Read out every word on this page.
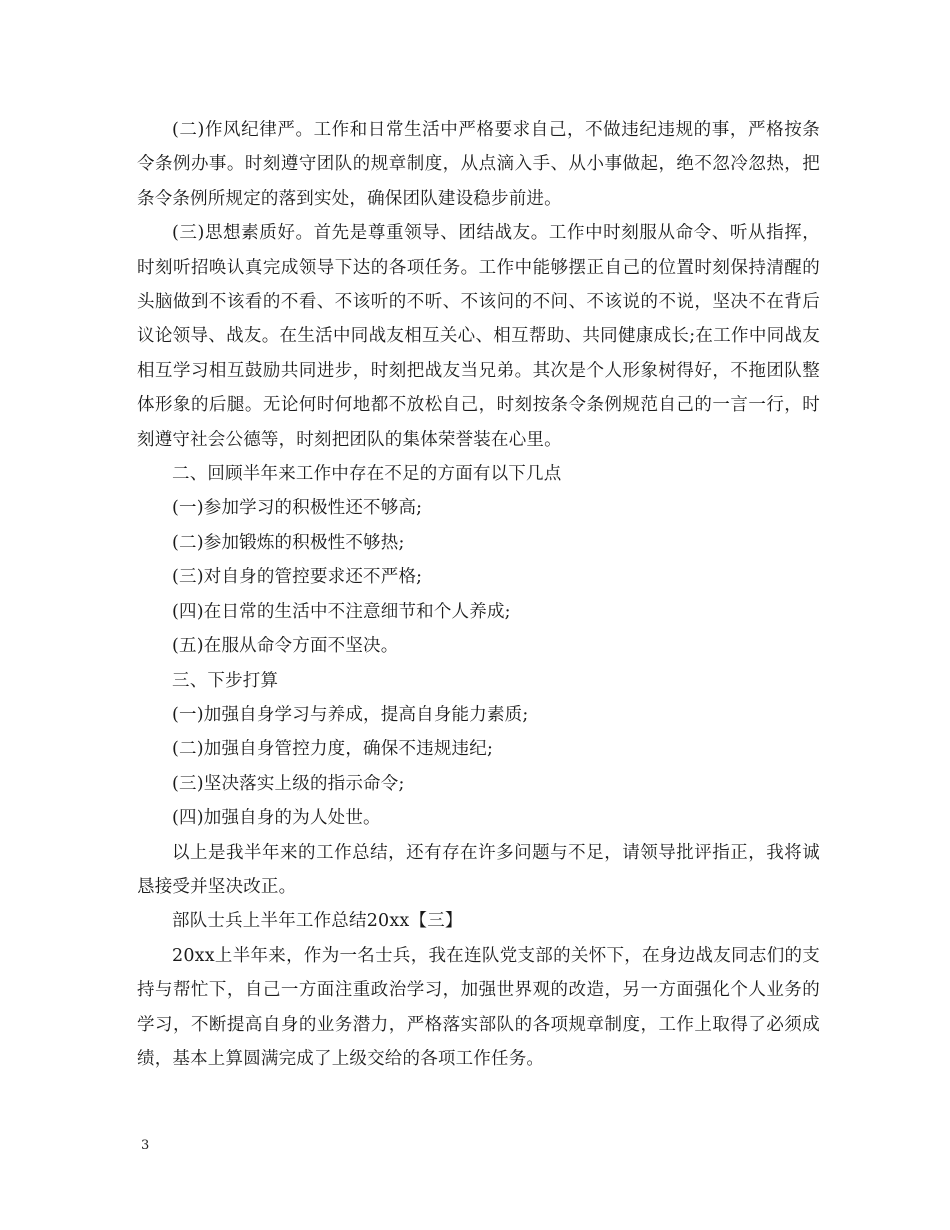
(二)作风纪律严。工作和日常生活中严格要求自己，不做违纪违规的事，严格按条令条例办事。时刻遵守团队的规章制度，从点滴入手、从小事做起，绝不忽冷忽热，把条令条例所规定的落到实处，确保团队建设稳步前进。

(三)思想素质好。首先是尊重领导、团结战友。工作中时刻服从命令、听从指挥，时刻听招唤认真完成领导下达的各项任务。工作中能够摆正自己的位置时刻保持清醒的头脑做到不该看的不看、不该听的不听、不该问的不问、不该说的不说，坚决不在背后议论领导、战友。在生活中同战友相互关心、相互帮助、共同健康成长;在工作中同战友相互学习相互鼓励共同进步，时刻把战友当兄弟。其次是个人形象树得好，不拖团队整体形象的后腿。无论何时何地都不放松自己，时刻按条令条例规范自己的一言一行，时刻遵守社会公德等，时刻把团队的集体荣誉装在心里。

二、回顾半年来工作中存在不足的方面有以下几点

(一)参加学习的积极性还不够高;

(二)参加锻炼的积极性不够热;

(三)对自身的管控要求还不严格;

(四)在日常的生活中不注意细节和个人养成;

(五)在服从命令方面不坚决。

三、下步打算

(一)加强自身学习与养成，提高自身能力素质;

(二)加强自身管控力度，确保不违规违纪;

(三)坚决落实上级的指示命令;

(四)加强自身的为人处世。

以上是我半年来的工作总结，还有存在许多问题与不足，请领导批评指正，我将诚恳接受并坚决改正。

部队士兵上半年工作总结20xx【三】

20xx上半年来，作为一名士兵，我在连队党支部的关怀下，在身边战友同志们的支持与帮忙下，自己一方面注重政治学习，加强世界观的改造，另一方面强化个人业务的学习，不断提高自身的业务潜力，严格落实部队的各项规章制度，工作上取得了必须成绩，基本上算圆满完成了上级交给的各项工作任务。

3
